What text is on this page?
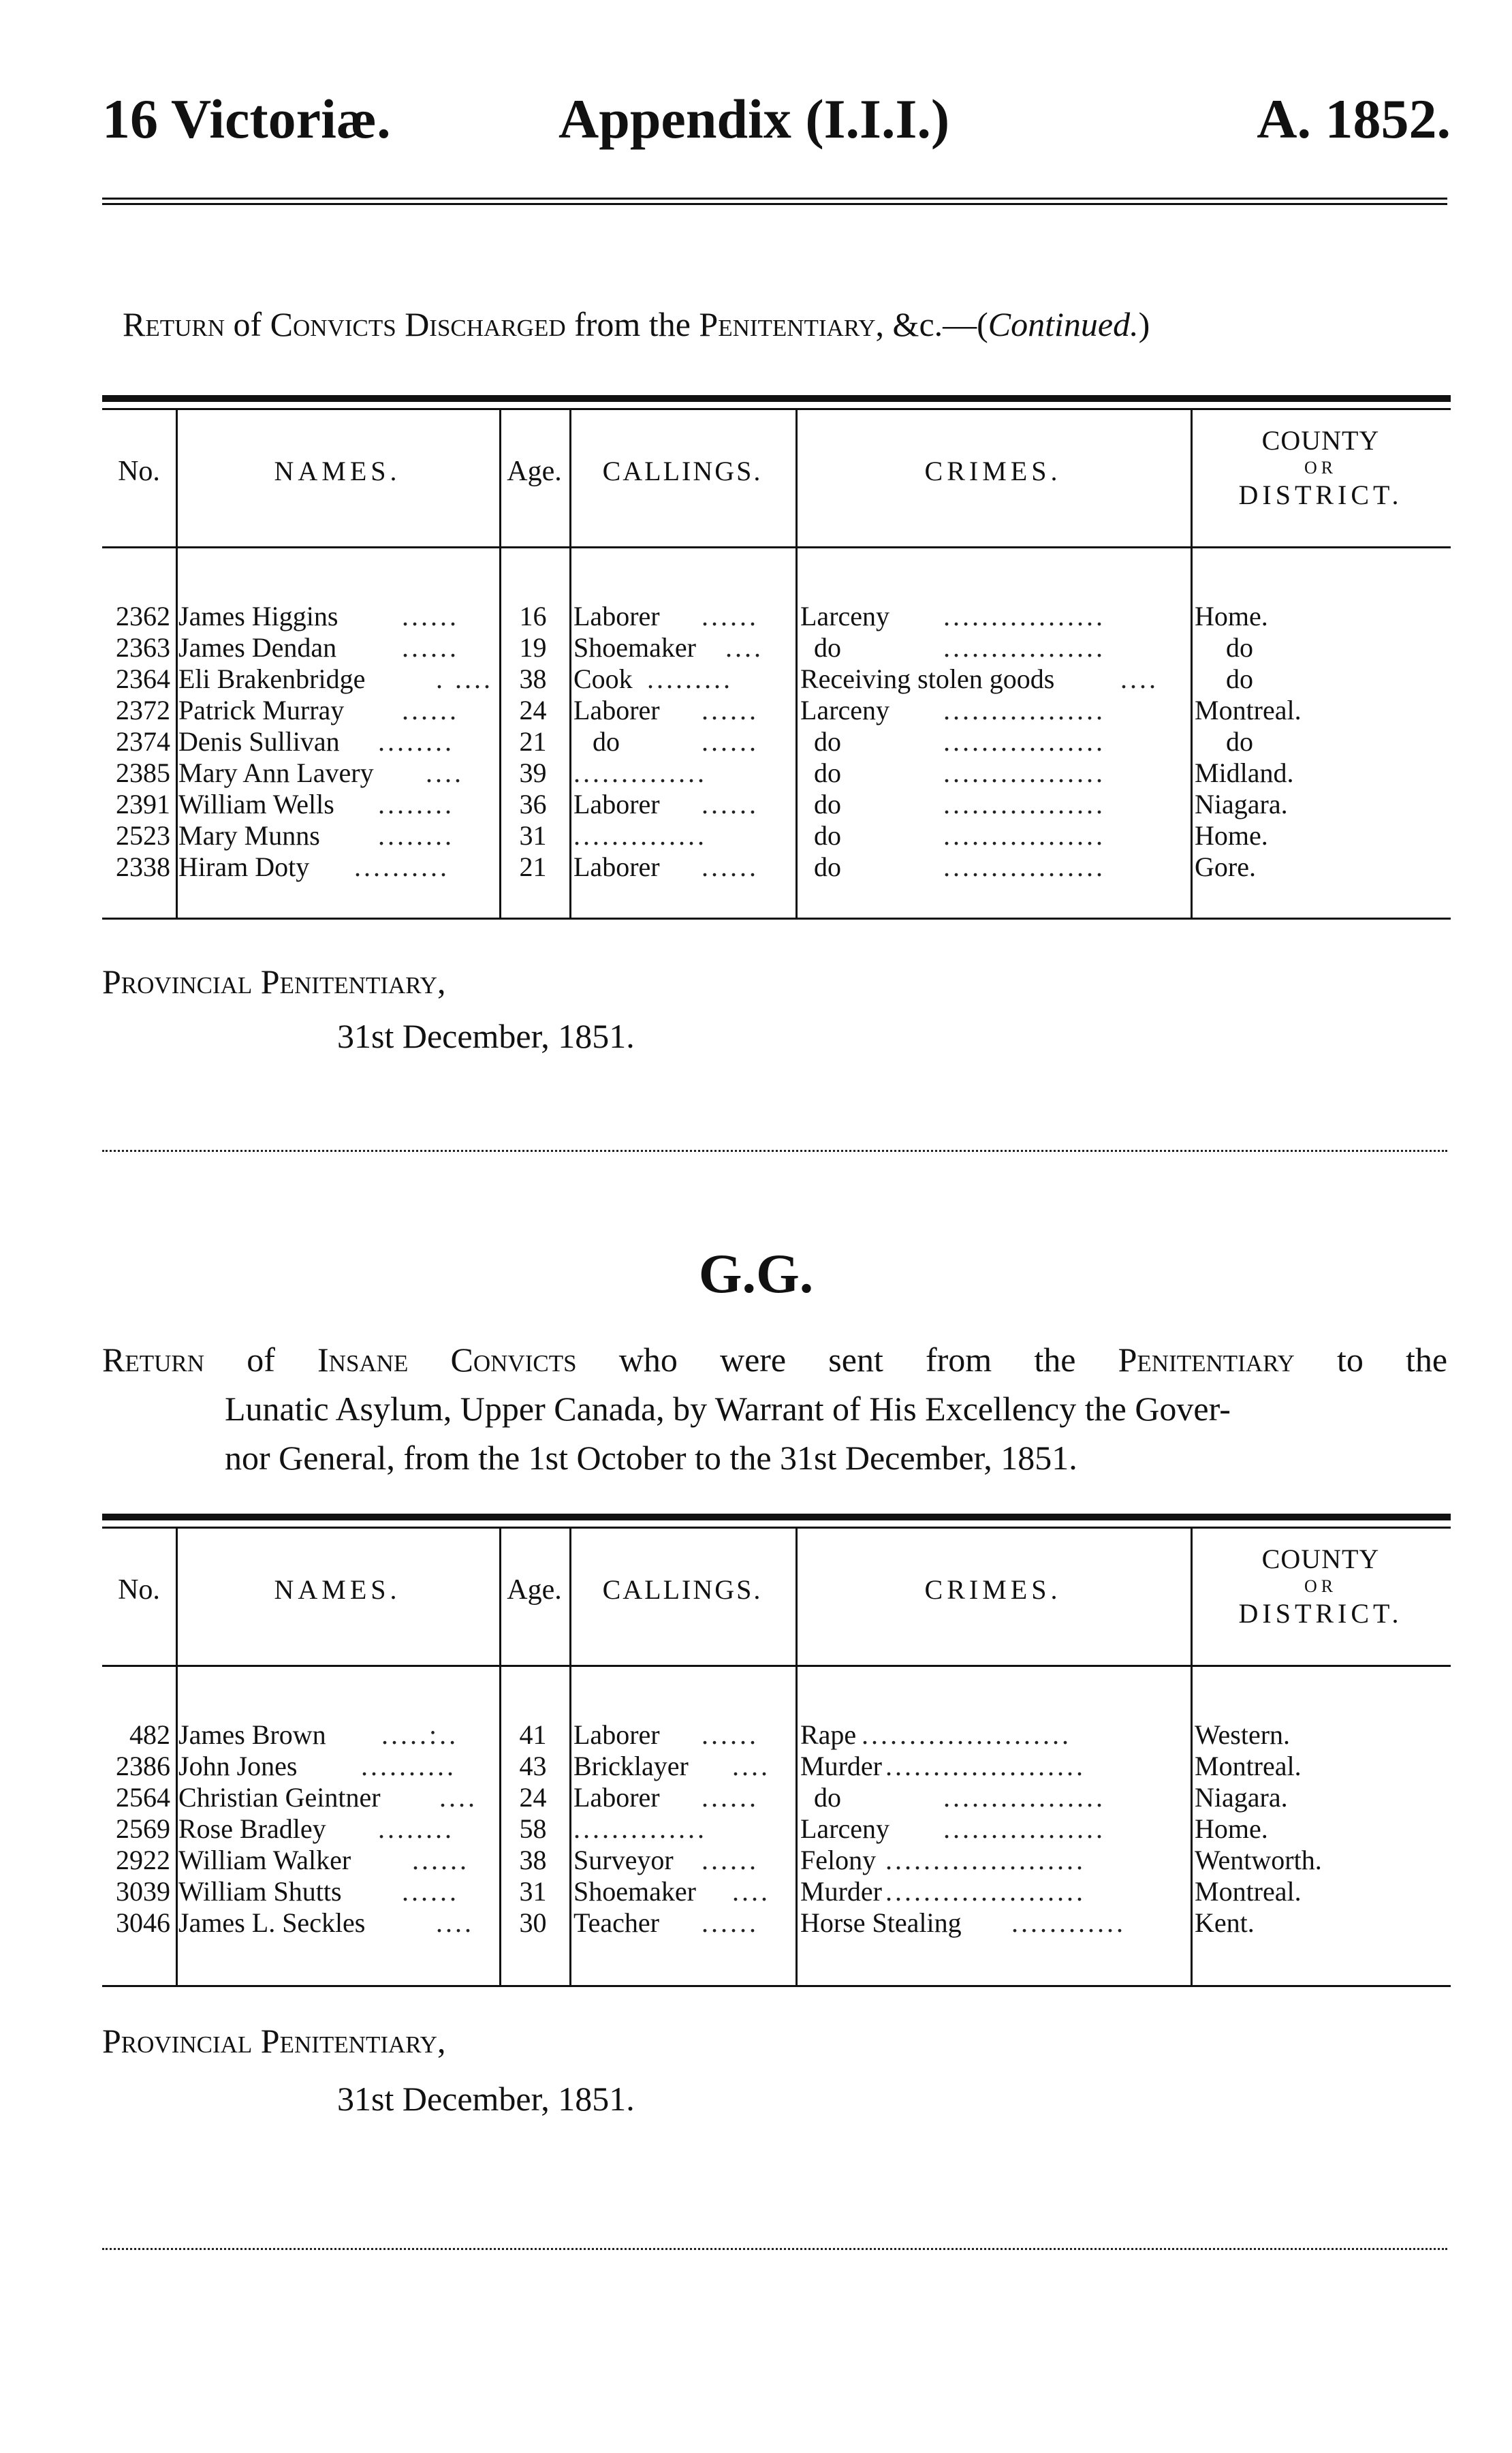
16 Victoriæ.	Appendix (I.I.I.)	A. 1852.
Return of Convicts Discharged from the Penitentiary, &c.—(Continued.)
No.	NAMES.	Age.	CALLINGS.	CRIMES.
COUNTY
OR
DISTRICT.
2362 James Higgins	......	16 Laborer	......	Larceny	.................	Home.
2363 James Dendan	......	19 Shoemaker	....	do	.................	do
2364 Eli Brakenbridge	. .... 38 Cook .........	Receiving stolen goods	....	do
2372 Patrick Murray	......	24 Laborer	......	Larceny	.................	Montreal.
2374 Denis Sullivan	........	21	do	......	do	.................	do
2385 Mary Ann Lavery	....	39 ..............	do	.................	Midland.
2391 William Wells	........	36 Laborer	......	do	.................	Niagara.
2523 Mary Munns	........	31 ..............	do	.................	Home.
2338 Hiram Doty	..........	21 Laborer	......	do	.................	Gore.
Provincial Penitentiary,
31st December, 1851.
G.G.
Return of Insane Convicts who were sent from the Penitentiary to the
Lunatic Asylum, Upper Canada, by Warrant of His Excellency the Gover-
nor General, from the 1st October to the 31st December, 1851.
No.	NAMES.	Age.	CALLINGS.	CRIMES.
COUNTY
OR
DISTRICT.
482 James Brown	.....:..	41 Laborer	......	Rape ......................	Western.
2386 John Jones	..........	43 Bricklayer	....	Murder .....................	Montreal.
2564 Christian Geintner	....	24 Laborer	......	do	.................	Niagara.
2569 Rose Bradley	........	58 ..............	Larceny	.................	Home.
2922 William Walker	......	38 Surveyor	......	Felony .....................	Wentworth.
3039 William Shutts	......	31 Shoemaker	....	Murder .....................	Montreal.
3046 James L. Seckles	....	30 Teacher	......	Horse Stealing	............	Kent.
Provincial Penitentiary,
31st December, 1851.
